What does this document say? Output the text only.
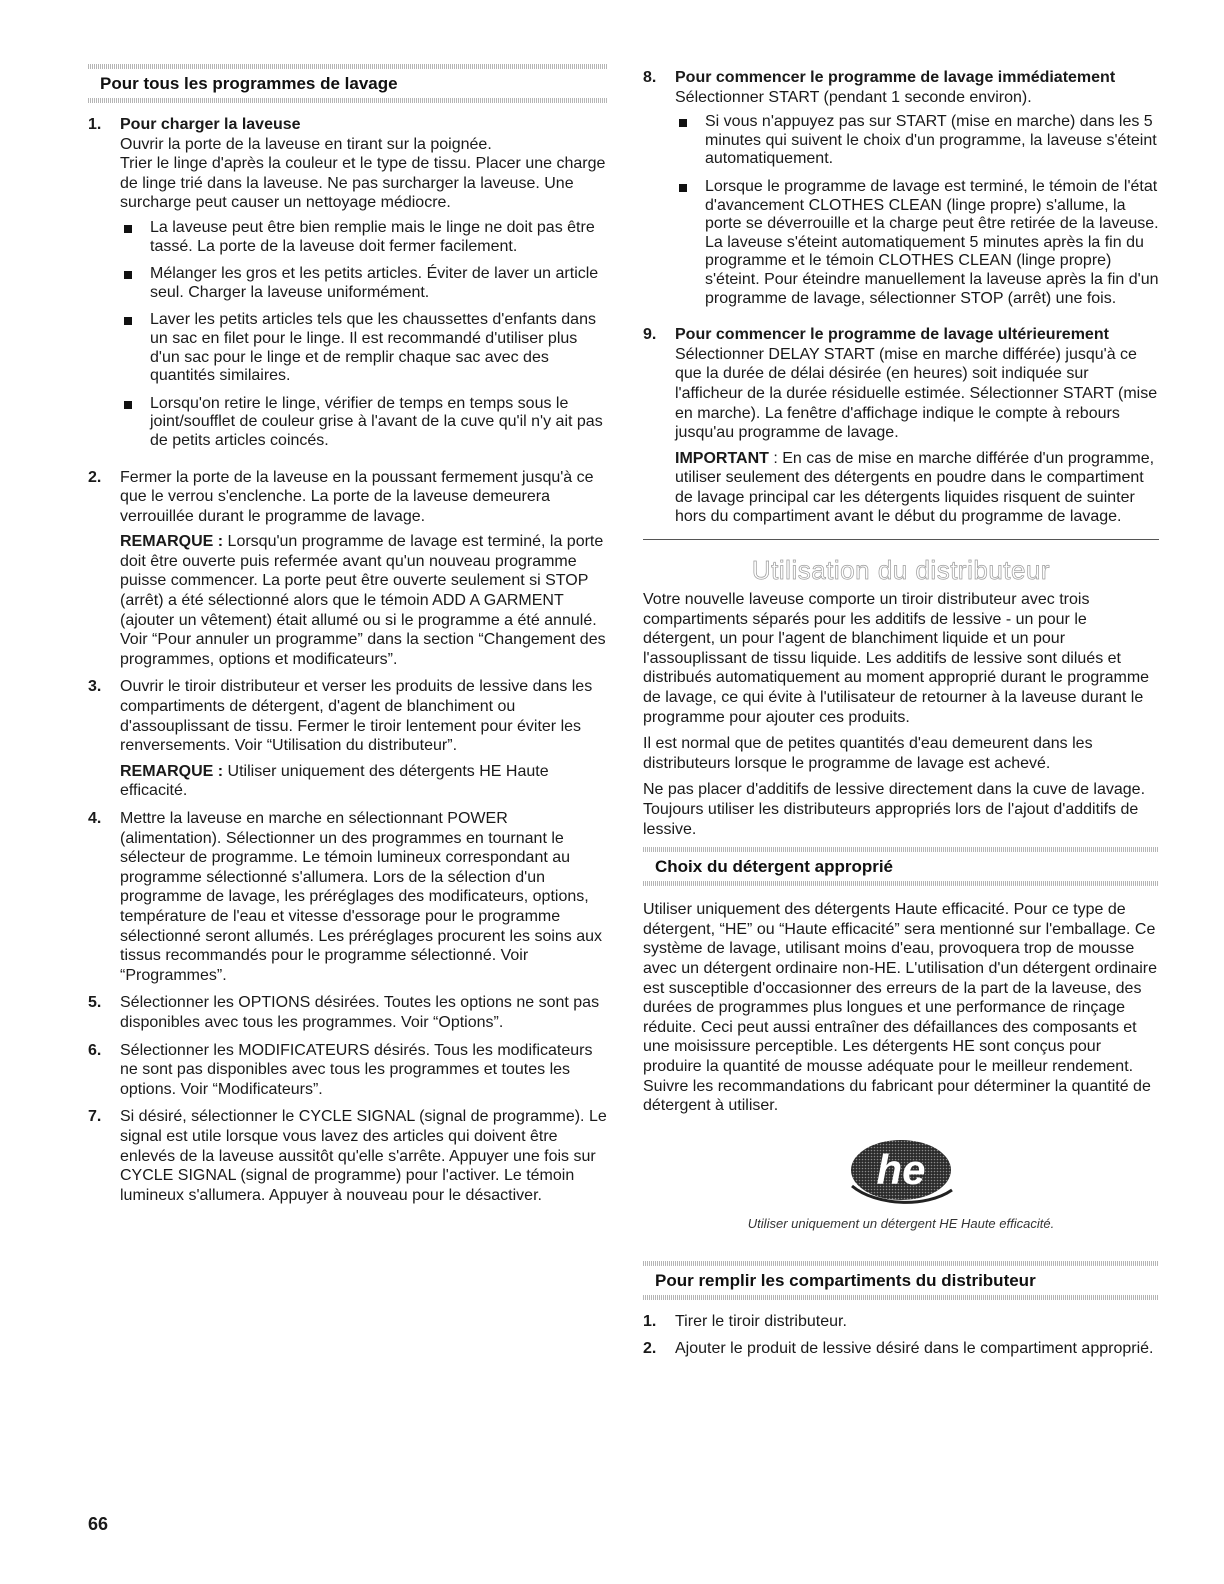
Pour tous les programmes de lavage
1.	Pour charger la laveuse
Ouvrir la porte de la laveuse en tirant sur la poignée.
Trier le linge d'après la couleur et le type de tissu. Placer une charge de linge trié dans la laveuse. Ne pas surcharger la laveuse. Une surcharge peut causer un nettoyage médiocre.
La laveuse peut être bien remplie mais le linge ne doit pas être tassé. La porte de la laveuse doit fermer facilement.
Mélanger les gros et les petits articles. Éviter de laver un article seul. Charger la laveuse uniformément.
Laver les petits articles tels que les chaussettes d'enfants dans un sac en filet pour le linge. Il est recommandé d'utiliser plus d'un sac pour le linge et de remplir chaque sac avec des quantités similaires.
Lorsqu'on retire le linge, vérifier de temps en temps sous le joint/soufflet de couleur grise à l'avant de la cuve qu'il n'y ait pas de petits articles coincés.
2.	Fermer la porte de la laveuse en la poussant fermement jusqu'à ce que le verrou s'enclenche. La porte de la laveuse demeurera verrouillée durant le programme de lavage.
REMARQUE : Lorsqu'un programme de lavage est terminé, la porte doit être ouverte puis refermée avant qu'un nouveau programme puisse commencer. La porte peut être ouverte seulement si STOP (arrêt) a été sélectionné alors que le témoin ADD A GARMENT (ajouter un vêtement) était allumé ou si le programme a été annulé. Voir “Pour annuler un programme” dans la section “Changement des programmes, options et modificateurs”.
3.	Ouvrir le tiroir distributeur et verser les produits de lessive dans les compartiments de détergent, d'agent de blanchiment ou d'assouplissant de tissu. Fermer le tiroir lentement pour éviter les renversements. Voir “Utilisation du distributeur”.
REMARQUE : Utiliser uniquement des détergents HE Haute efficacité.
4.	Mettre la laveuse en marche en sélectionnant POWER (alimentation). Sélectionner un des programmes en tournant le sélecteur de programme. Le témoin lumineux correspondant au programme sélectionné s'allumera. Lors de la sélection d'un programme de lavage, les préréglages des modificateurs, options, température de l'eau et vitesse d'essorage pour le programme sélectionné seront allumés. Les préréglages procurent les soins aux tissus recommandés pour le programme sélectionné. Voir “Programmes”.
5.	Sélectionner les OPTIONS désirées. Toutes les options ne sont pas disponibles avec tous les programmes. Voir “Options”.
6.	Sélectionner les MODIFICATEURS désirés. Tous les modificateurs ne sont pas disponibles avec tous les programmes et toutes les options. Voir “Modificateurs”.
7.	Si désiré, sélectionner le CYCLE SIGNAL (signal de programme). Le signal est utile lorsque vous lavez des articles qui doivent être enlevés de la laveuse aussitôt qu'elle s'arrête. Appuyer une fois sur CYCLE SIGNAL (signal de programme) pour l'activer. Le témoin lumineux s'allumera. Appuyer à nouveau pour le désactiver.
8.	Pour commencer le programme de lavage immédiatement
Sélectionner START (pendant 1 seconde environ).
Si vous n'appuyez pas sur START (mise en marche) dans les 5 minutes qui suivent le choix d'un programme, la laveuse s'éteint automatiquement.
Lorsque le programme de lavage est terminé, le témoin de l'état d'avancement CLOTHES CLEAN (linge propre) s'allume, la porte se déverrouille et la charge peut être retirée de la laveuse. La laveuse s'éteint automatiquement 5 minutes après la fin du programme et le témoin CLOTHES CLEAN (linge propre) s'éteint. Pour éteindre manuellement la laveuse après la fin d'un programme de lavage, sélectionner STOP (arrêt) une fois.
9.	Pour commencer le programme de lavage ultérieurement
Sélectionner DELAY START (mise en marche différée) jusqu'à ce que la durée de délai désirée (en heures) soit indiquée sur l'afficheur de la durée résiduelle estimée. Sélectionner START (mise en marche). La fenêtre d'affichage indique le compte à rebours jusqu'au programme de lavage.
IMPORTANT : En cas de mise en marche différée d'un programme, utiliser seulement des détergents en poudre dans le compartiment de lavage principal car les détergents liquides risquent de suinter hors du compartiment avant le début du programme de lavage.
Utilisation du distributeur

Votre nouvelle laveuse comporte un tiroir distributeur avec trois compartiments séparés pour les additifs de lessive - un pour le détergent, un pour l'agent de blanchiment liquide et un pour l'assouplissant de tissu liquide. Les additifs de lessive sont dilués et distribués automatiquement au moment approprié durant le programme de lavage, ce qui évite à l'utilisateur de retourner à la laveuse durant le programme pour ajouter ces produits.

Il est normal que de petites quantités d'eau demeurent dans les distributeurs lorsque le programme de lavage est achevé.

Ne pas placer d'additifs de lessive directement dans la cuve de lavage. Toujours utiliser les distributeurs appropriés lors de l'ajout d'additifs de lessive.

Choix du détergent approprié

Utiliser uniquement des détergents Haute efficacité. Pour ce type de détergent, “HE” ou “Haute efficacité” sera mentionné sur l'emballage. Ce système de lavage, utilisant moins d'eau, provoquera trop de mousse avec un détergent ordinaire non-HE. L'utilisation d'un détergent ordinaire est susceptible d'occasionner des erreurs de la part de la laveuse, des durées de programmes plus longues et une performance de rinçage réduite. Ceci peut aussi entraîner des défaillances des composants et une moisissure perceptible. Les détergents HE sont conçus pour produire la quantité de mousse adéquate pour le meilleur rendement. Suivre les recommandations du fabricant pour déterminer la quantité de détergent à utiliser.

he
Utiliser uniquement un détergent HE Haute efficacité.
Pour remplir les compartiments du distributeur
1.	Tirer le tiroir distributeur.
2.	Ajouter le produit de lessive désiré dans le compartiment approprié.
66
